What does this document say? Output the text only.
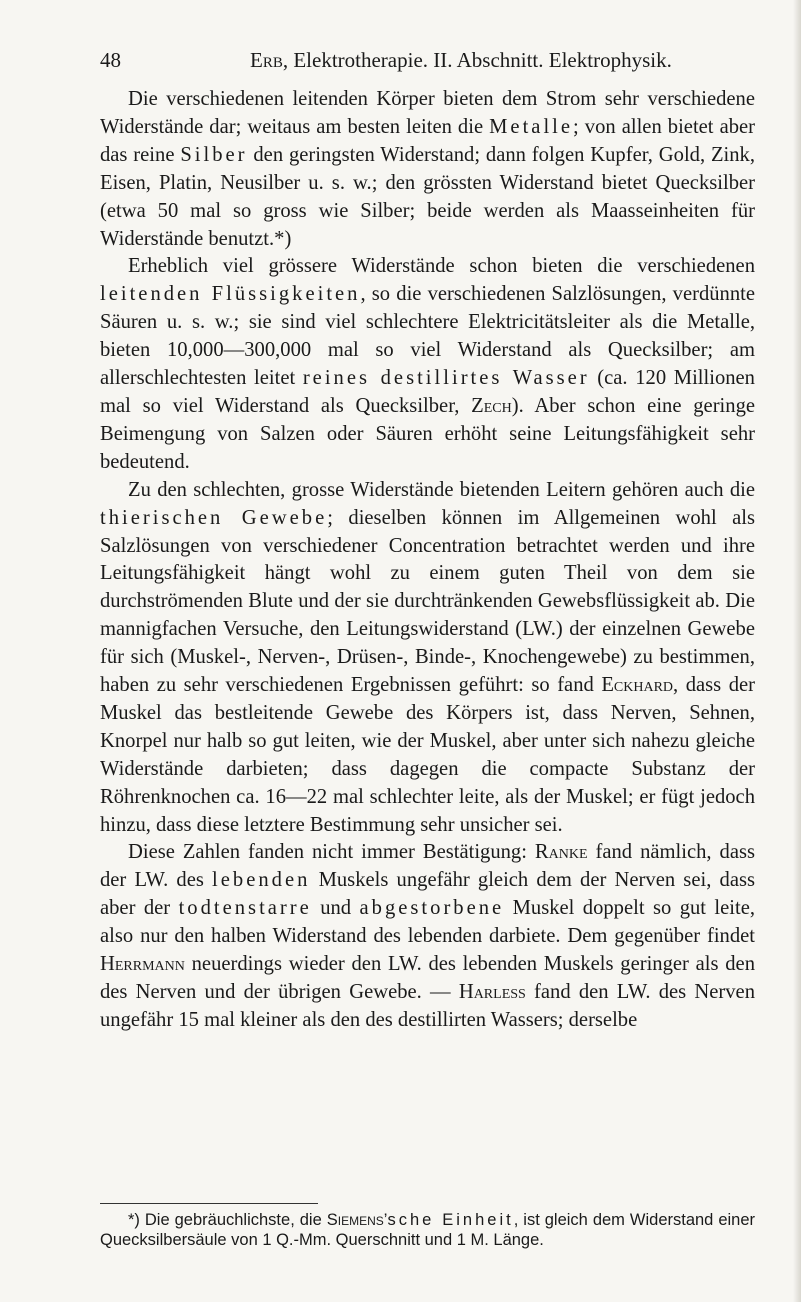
48	Erb, Elektrotherapie. II. Abschnitt. Elektrophysik.

Die verschiedenen leitenden Körper bieten dem Strom sehr verschiedene Widerstände dar; weitaus am besten leiten die Metalle; von allen bietet aber das reine Silber den geringsten Widerstand; dann folgen Kupfer, Gold, Zink, Eisen, Platin, Neusilber u. s. w.; den grössten Widerstand bietet Quecksilber (etwa 50 mal so gross wie Silber; beide werden als Maasseinheiten für Widerstände benutzt.*)

Erheblich viel grössere Widerstände schon bieten die verschiedenen leitenden Flüssigkeiten, so die verschiedenen Salzlösungen, verdünnte Säuren u. s. w.; sie sind viel schlechtere Elektricitätsleiter als die Metalle, bieten 10,000—300,000 mal so viel Widerstand als Quecksilber; am allerschlechtesten leitet reines destillirtes Wasser (ca. 120 Millionen mal so viel Widerstand als Quecksilber, Zech). Aber schon eine geringe Beimengung von Salzen oder Säuren erhöht seine Leitungsfähigkeit sehr bedeutend.

Zu den schlechten, grosse Widerstände bietenden Leitern gehören auch die thierischen Gewebe; dieselben können im Allgemeinen wohl als Salzlösungen von verschiedener Concentration betrachtet werden und ihre Leitungsfähigkeit hängt wohl zu einem guten Theil von dem sie durchströmenden Blute und der sie durchtränkenden Gewebsflüssigkeit ab. Die mannigfachen Versuche, den Leitungswiderstand (LW.) der einzelnen Gewebe für sich (Muskel-, Nerven-, Drüsen-, Binde-, Knochengewebe) zu bestimmen, haben zu sehr verschiedenen Ergebnissen geführt: so fand Eckhard, dass der Muskel das bestleitende Gewebe des Körpers ist, dass Nerven, Sehnen, Knorpel nur halb so gut leiten, wie der Muskel, aber unter sich nahezu gleiche Widerstände darbieten; dass dagegen die compacte Substanz der Röhrenknochen ca. 16—22 mal schlechter leite, als der Muskel; er fügt jedoch hinzu, dass diese letztere Bestimmung sehr unsicher sei.

Diese Zahlen fanden nicht immer Bestätigung: Ranke fand nämlich, dass der LW. des lebenden Muskels ungefähr gleich dem der Nerven sei, dass aber der todtenstarre und abgestorbene Muskel doppelt so gut leite, also nur den halben Widerstand des lebenden darbiete. Dem gegenüber findet Herrmann neuerdings wieder den LW. des lebenden Muskels geringer als den des Nerven und der übrigen Gewebe. — Harless fand den LW. des Nerven ungefähr 15 mal kleiner als den des destillirten Wassers; derselbe

*) Die gebräuchlichste, die Siemens’sche Einheit, ist gleich dem Widerstand einer Quecksilbersäule von 1 Q.-Mm. Querschnitt und 1 M. Länge.
